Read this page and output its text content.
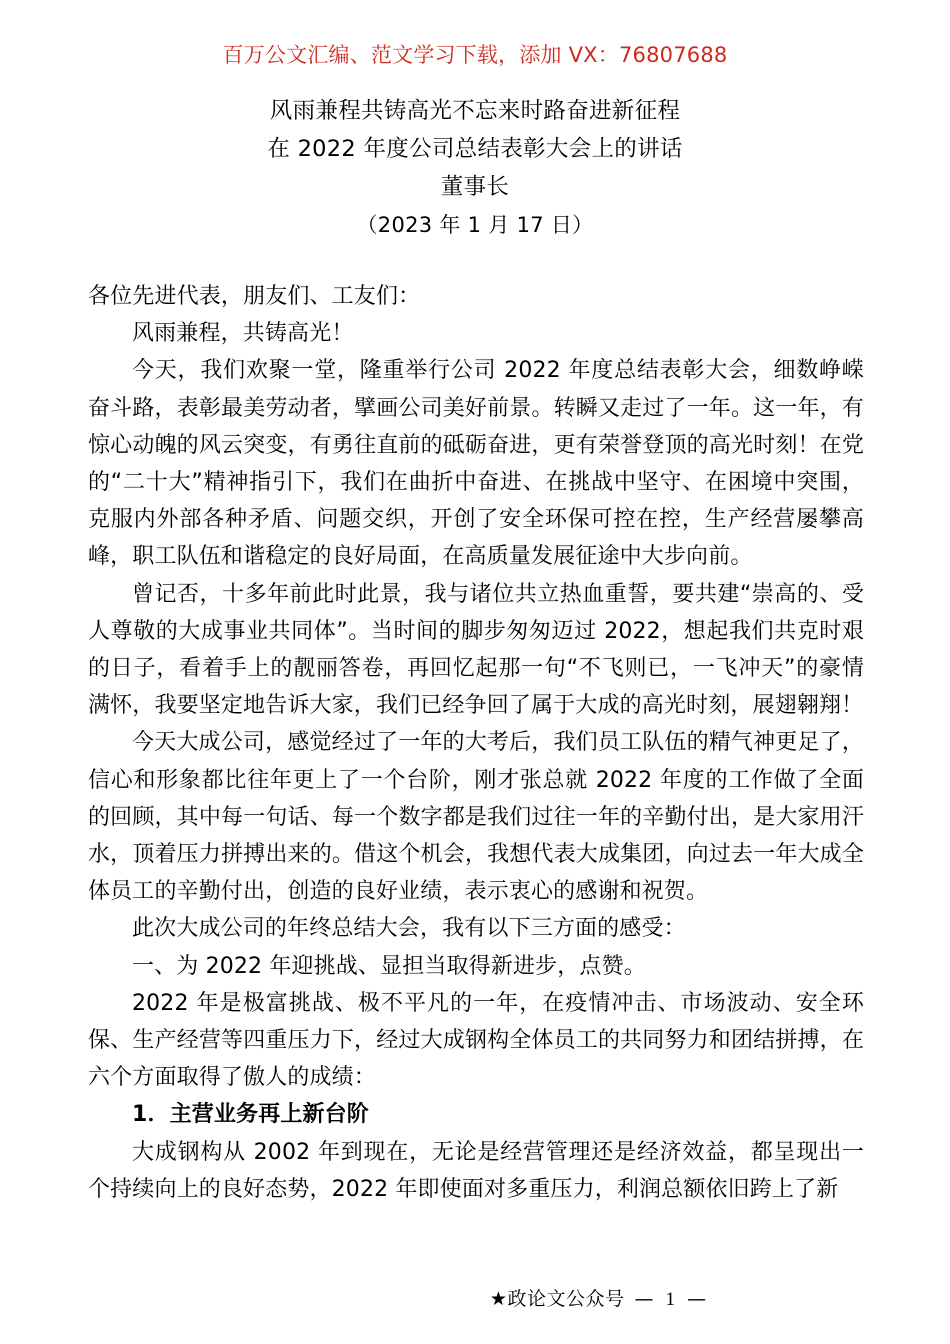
百万公文汇编、范文学习下载，添加 VX：76807688
风雨兼程共铸高光不忘来时路奋进新征程
在 2022 年度公司总结表彰大会上的讲话
董事长
（2023 年 1 月 17 日）

各位先进代表，朋友们、工友们：

风雨兼程，共铸高光！

今天，我们欢聚一堂，隆重举行公司 2022 年度总结表彰大会，细数峥嵘奋斗路，表彰最美劳动者，擘画公司美好前景。转瞬又走过了一年。这一年，有惊心动魄的风云突变，有勇往直前的砥砺奋进，更有荣誉登顶的高光时刻！在党的“二十大”精神指引下，我们在曲折中奋进、在挑战中坚守、在困境中突围，克服内外部各种矛盾、问题交织，开创了安全环保可控在控，生产经营屡攀高峰，职工队伍和谐稳定的良好局面，在高质量发展征途中大步向前。

曾记否，十多年前此时此景，我与诸位共立热血重誓，要共建“崇高的、受人尊敬的大成事业共同体”。当时间的脚步匆匆迈过 2022，想起我们共克时艰的日子，看着手上的靓丽答卷，再回忆起那一句“不飞则已，一飞冲天”的豪情满怀，我要坚定地告诉大家，我们已经争回了属于大成的高光时刻，展翅翱翔！

今天大成公司，感觉经过了一年的大考后，我们员工队伍的精气神更足了，信心和形象都比往年更上了一个台阶，刚才张总就 2022 年度的工作做了全面的回顾，其中每一句话、每一个数字都是我们过往一年的辛勤付出，是大家用汗水，顶着压力拼搏出来的。借这个机会，我想代表大成集团，向过去一年大成全体员工的辛勤付出，创造的良好业绩，表示衷心的感谢和祝贺。

此次大成公司的年终总结大会，我有以下三方面的感受：

一、为 2022 年迎挑战、显担当取得新进步，点赞。

2022 年是极富挑战、极不平凡的一年，在疫情冲击、市场波动、安全环保、生产经营等四重压力下，经过大成钢构全体员工的共同努力和团结拼搏，在六个方面取得了傲人的成绩：

1．主营业务再上新台阶

大成钢构从 2002 年到现在，无论是经营管理还是经济效益，都呈现出一个持续向上的良好态势，2022 年即使面对多重压力，利润总额依旧跨上了新

★政论文公众号 — 1 —
